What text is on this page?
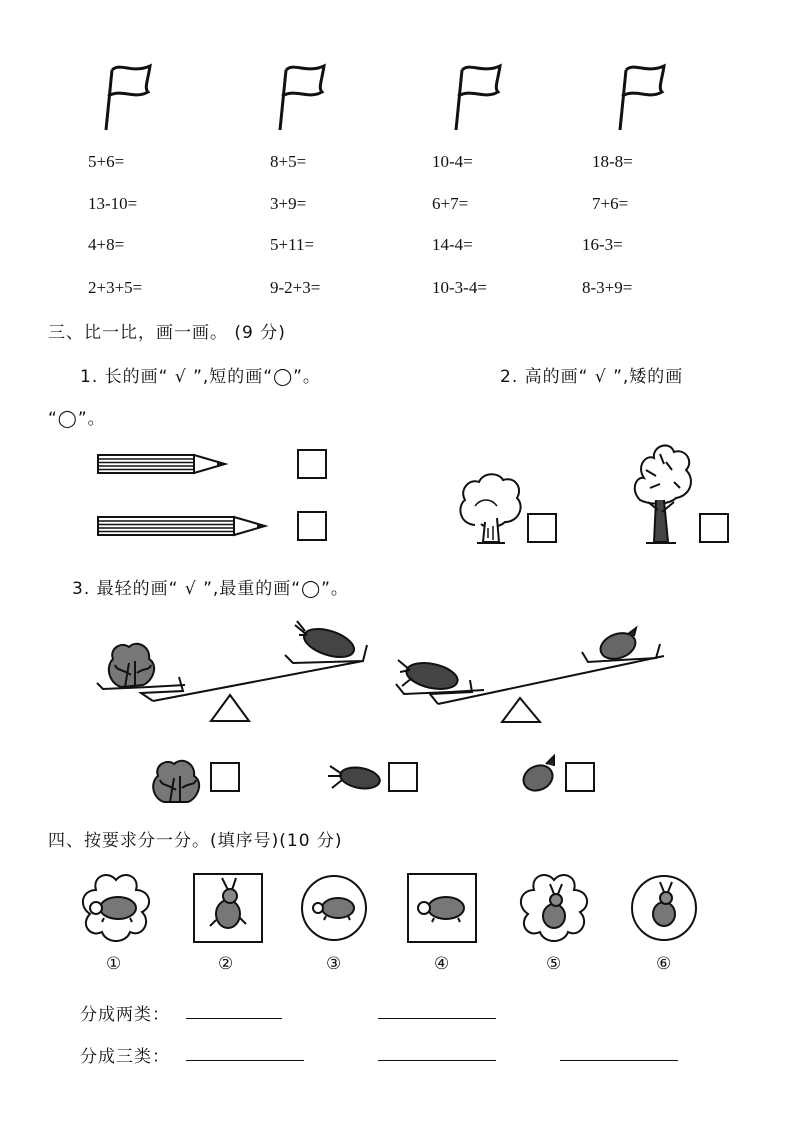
5+6=	8+5=	10-4=	18-8=
13-10=	3+9=	6+7=	7+6=
4+8=	5+11=	14-4=	16-3=
2+3+5=	9-2+3=	10-3-4=	8-3+9=
三、比一比，画一画。 (9 分)
1. 长的画“ √ ”,短的画“◯”。	2. 高的画“ √ ”,矮的画
“◯”。
3. 最轻的画“ √ ”,最重的画“◯”。
四、按要求分一分。(填序号)(10 分)
①	②	③	④	⑤	⑥
分成两类：
分成三类：
